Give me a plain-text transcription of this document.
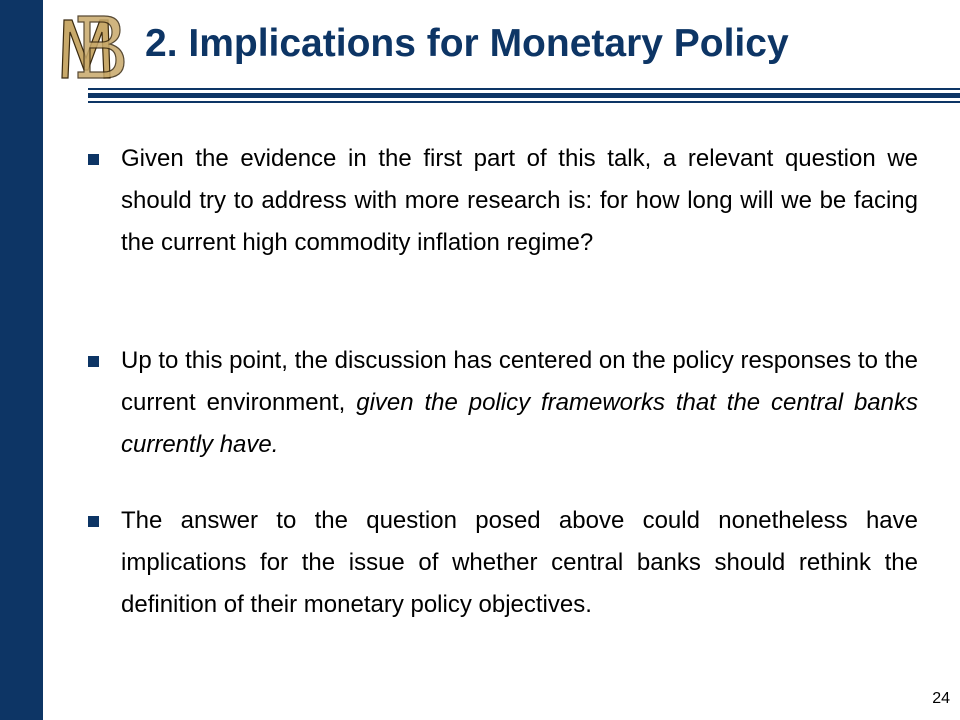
2. Implications for Monetary Policy
Given the evidence in the first part of this talk, a relevant question we should try to address with more research is: for how long will we be facing the current high commodity inflation regime?
Up to this point, the discussion has centered on the policy responses to the current environment, given the policy frameworks that the central banks currently have.
The answer to the question posed above could nonetheless have implications for the issue of whether central banks should rethink the definition of their monetary policy objectives.
24
